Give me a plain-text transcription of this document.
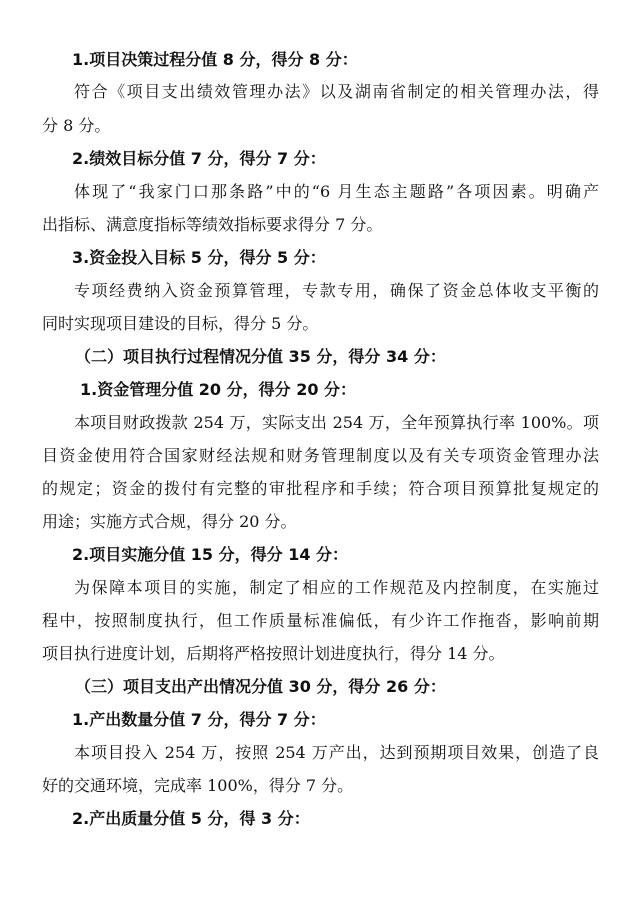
1.项目决策过程分值 8 分，得分 8 分：
符合《项目支出绩效管理办法》以及湖南省制定的相关管理办法，得
分 8 分。
2.绩效目标分值 7 分，得分 7 分：
体现了“我家门口那条路”中的“6 月生态主题路”各项因素。明确产
出指标、满意度指标等绩效指标要求得分 7 分。
3.资金投入目标 5 分，得分 5 分：
专项经费纳入资金预算管理，专款专用，确保了资金总体收支平衡的
同时实现项目建设的目标，得分 5 分。
（二）项目执行过程情况分值 35 分，得分 34 分：
1.资金管理分值 20 分，得分 20 分：
本项目财政拨款 254 万，实际支出 254 万，全年预算执行率 100%。项
目资金使用符合国家财经法规和财务管理制度以及有关专项资金管理办法
的规定；资金的拨付有完整的审批程序和手续；符合项目预算批复规定的
用途；实施方式合规，得分 20 分。
2.项目实施分值 15 分，得分 14 分：
为保障本项目的实施，制定了相应的工作规范及内控制度，在实施过
程中，按照制度执行，但工作质量标准偏低，有少许工作拖沓，影响前期
项目执行进度计划，后期将严格按照计划进度执行，得分 14 分。
（三）项目支出产出情况分值 30 分，得分 26 分：
1.产出数量分值 7 分，得分 7 分：
本项目投入 254 万，按照 254 万产出，达到预期项目效果，创造了良
好的交通环境，完成率 100%，得分 7 分。
2.产出质量分值 5 分，得 3 分：
